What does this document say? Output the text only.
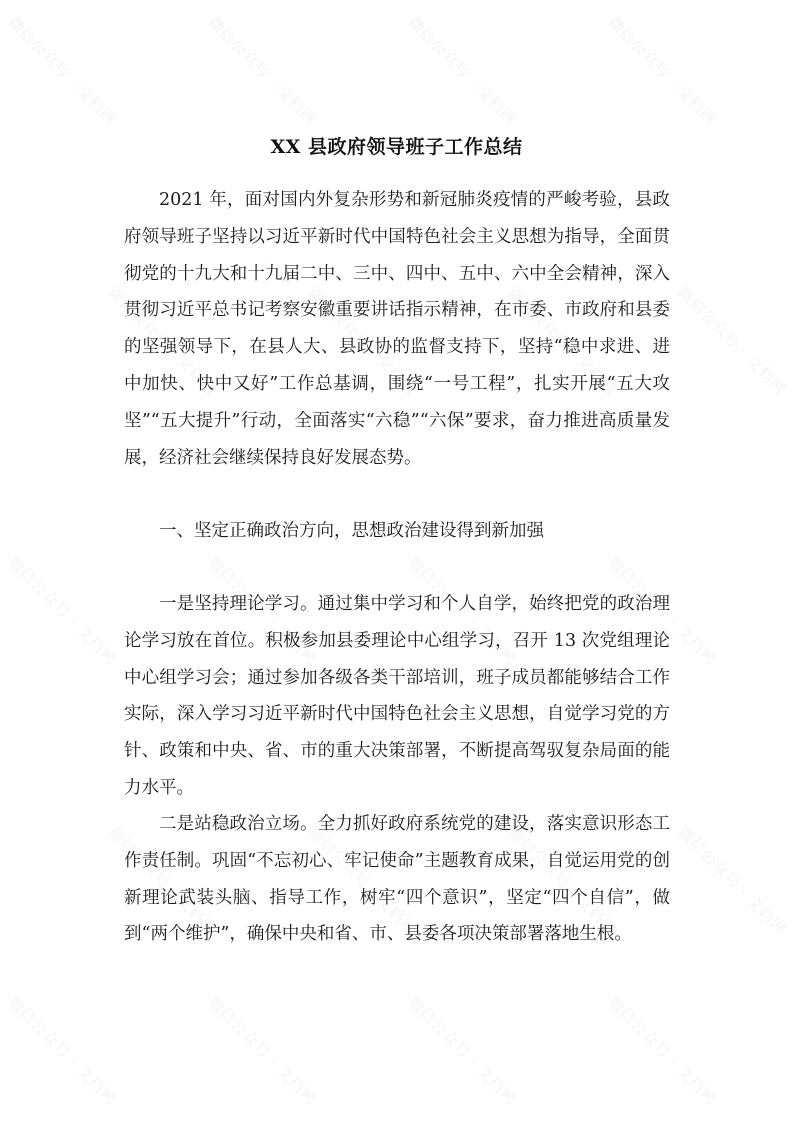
微信公众号 · 文档网	微信公众号 · 文档网	微信公众号 · 文档网	微信公众号 · 文档网
微信公众号 · 文档网	微信公众号 · 文档网	微信公众号 · 文档网	微信公众号 · 文档网
微信公众号 · 文档网	微信公众号 · 文档网	微信公众号 · 文档网	微信公众号 · 文档网
微信公众号 · 文档网	微信公众号 · 文档网	微信公众号 · 文档网	微信公众号 · 文档网
微信公众号 · 文档网	微信公众号 · 文档网	微信公众号 · 文档网	微信公众号 · 文档网
XX 县政府领导班子工作总结

2021 年，面对国内外复杂形势和新冠肺炎疫情的严峻考验，县政府领导班子坚持以习近平新时代中国特色社会主义思想为指导，全面贯彻党的十九大和十九届二中、三中、四中、五中、六中全会精神，深入贯彻习近平总书记考察安徽重要讲话指示精神，在市委、市政府和县委的坚强领导下，在县人大、县政协的监督支持下，坚持“稳中求进、进中加快、快中又好”工作总基调，围绕“一号工程”，扎实开展“五大攻坚”“五大提升”行动，全面落实“六稳”“六保”要求，奋力推进高质量发展，经济社会继续保持良好发展态势。

一、坚定正确政治方向，思想政治建设得到新加强

一是坚持理论学习。通过集中学习和个人自学，始终把党的政治理论学习放在首位。积极参加县委理论中心组学习，召开 13 次党组理论中心组学习会；通过参加各级各类干部培训，班子成员都能够结合工作实际，深入学习习近平新时代中国特色社会主义思想，自觉学习党的方针、政策和中央、省、市的重大决策部署，不断提高驾驭复杂局面的能力水平。

二是站稳政治立场。全力抓好政府系统党的建设，落实意识形态工作责任制。巩固“不忘初心、牢记使命”主题教育成果，自觉运用党的创新理论武装头脑、指导工作，树牢“四个意识”，坚定“四个自信”，做到“两个维护”，确保中央和省、市、县委各项决策部署落地生根。
